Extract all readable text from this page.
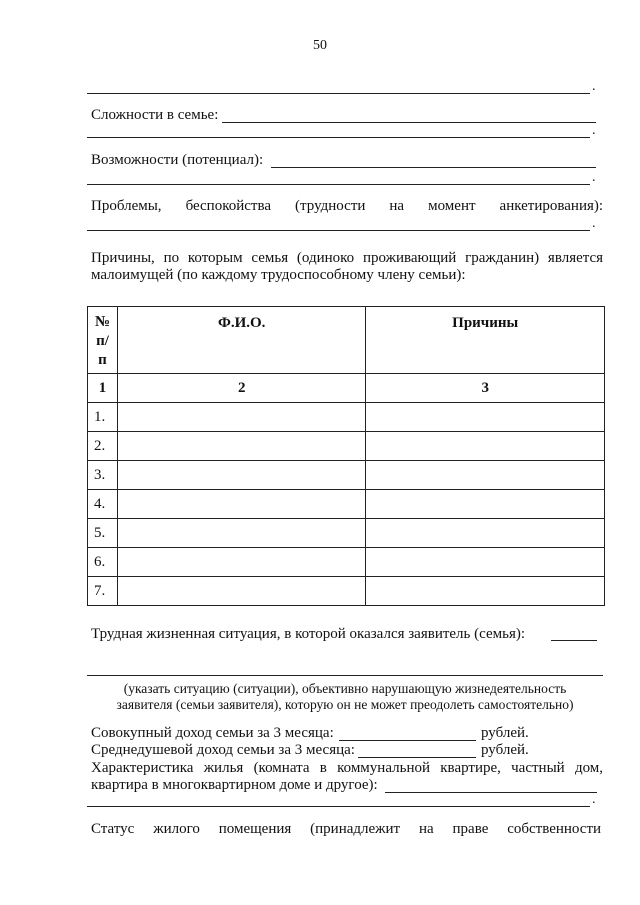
50
.
Сложности в семье:
.
Возможности (потенциал):
.
Проблемы, беспокойства (трудности на момент анкетирования):
.
Причины, по которым семья (одиноко проживающий гражданин) является
малоимущей (по каждому трудоспособному члену семьи):
№
п/
п	Ф.И.О.	Причины
1	2	3
1.		
2.		
3.		
4.		
5.		
6.		
7.		
Трудная жизненная ситуация, в которой оказался заявитель (семья):
(указать ситуацию (ситуации), объективно нарушающую жизнедеятельность
заявителя (семьи заявителя), которую он не может преодолеть самостоятельно)
Совокупный доход семьи за 3 месяца:	рублей.
Среднедушевой доход семьи за 3 месяца:	рублей.
Характеристика жилья (комната в коммунальной квартире, частный дом,
квартира в многоквартирном доме и другое):
.
Статус жилого помещения (принадлежит на праве собственности
